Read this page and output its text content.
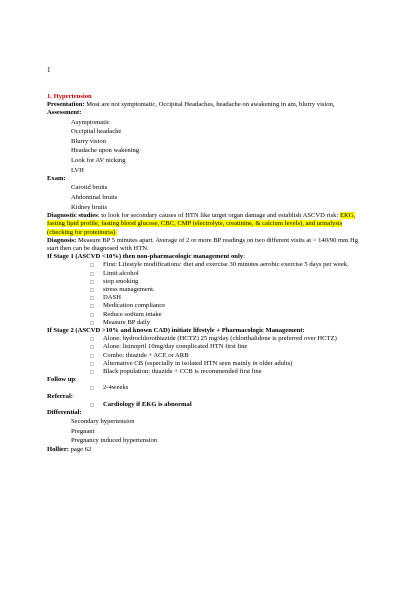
1

1. Hypertension

Presentation: Most are not symptomatic, Occipital Headaches, headache on awakening in am, blurry vision,

Assessment:

Asymptomatic

Occipital headache

Blurry vision

Headache upon wakening

Look for AV nicking

LVH

Exam:

Carotid bruits

Abdominal bruits

Kidney bruits

Diagnostic studies: to look for secondary causes of HTN like target organ damage and establish ASCVD risk: EKG, fasting lipid profile, fasting blood glucose, CBC, CMP (electrolyte, creatinine, & calcium levels), and urinalysis (checking for proteinuria).

Diagnosis: Measure BP 5 minutes apart. Average of 2 or more BP readings on two different visits at > 140/90 mm Hg start then can be diagnosed with HTN.

If Stage 1 (ASCVD <10%) then non-pharmacologic management only:

□ First: Lifestyle modifications: diet and exercise 30 minutes aerobic exercise 5 days per week.
□ Limit alcohol
□ stop smoking
□ stress management.
□ DASH
□ Medication compliance
□ Reduce sodium intake
□ Measure BP daily

If Stage 2 (ASCVD >10% and known CAD) initiate lifestyle + Pharmacologic Management:

□ Alone: hydrochlorothiazide (HCTZ) 25 mg/day (chlorthalidone is preferred over HCTZ)
□ Alone: lisinopril 10mg/day complicated HTN first line
□ Combo: thiazide + ACE or ARB
□ Alternative CB (especially in isolated HTN seen mainly in older adults)
□ Black population: thiazide + CCB is recommended first line

Follow up:

□ 2-4weeks

Referral:

□ Cardiology if EKG is abnormal

Differential:

Secondary hypertension

Pregnant

Pregnancy induced hypertension

Hollier: page 62
